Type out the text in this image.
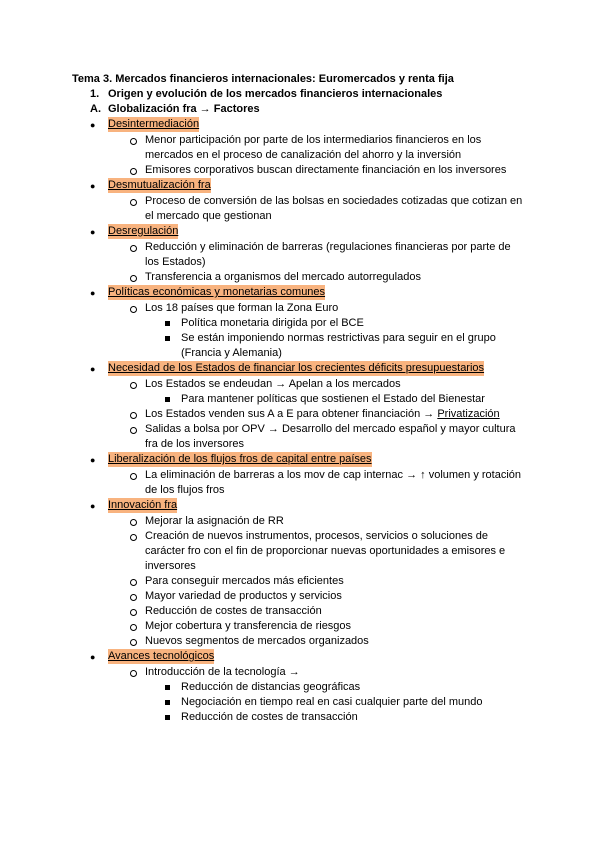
Tema 3. Mercados financieros internacionales: Euromercados y renta fija
1. Origen y evolución de los mercados financieros internacionales
A. Globalización fra → Factores
● Desintermediación
Menor participación por parte de los intermediarios financieros en los
mercados en el proceso de canalización del ahorro y la inversión
Emisores corporativos buscan directamente financiación en los inversores
● Desmutualización fra
Proceso de conversión de las bolsas en sociedades cotizadas que cotizan en
el mercado que gestionan
● Desregulación
Reducción y eliminación de barreras (regulaciones financieras por parte de
los Estados)
Transferencia a organismos del mercado autorregulados
● Políticas económicas y monetarias comunes
Los 18 países que forman la Zona Euro
Política monetaria dirigida por el BCE
Se están imponiendo normas restrictivas para seguir en el grupo
(Francia y Alemania)
● Necesidad de los Estados de financiar los crecientes déficits presupuestarios
Los Estados se endeudan → Apelan a los mercados
Para mantener políticas que sostienen el Estado del Bienestar
Los Estados venden sus A a E para obtener financiación → Privatización
Salidas a bolsa por OPV → Desarrollo del mercado español y mayor cultura
fra de los inversores
● Liberalización de los flujos fros de capital entre países
La eliminación de barreras a los mov de cap internac → ↑ volumen y rotación
de los flujos fros
● Innovación fra
Mejorar la asignación de RR
Creación de nuevos instrumentos, procesos, servicios o soluciones de
carácter fro con el fin de proporcionar nuevas oportunidades a emisores e
inversores
Para conseguir mercados más eficientes
Mayor variedad de productos y servicios
Reducción de costes de transacción
Mejor cobertura y transferencia de riesgos
Nuevos segmentos de mercados organizados
● Avances tecnológicos
Introducción de la tecnología →
Reducción de distancias geográficas
Negociación en tiempo real en casi cualquier parte del mundo
Reducción de costes de transacción
